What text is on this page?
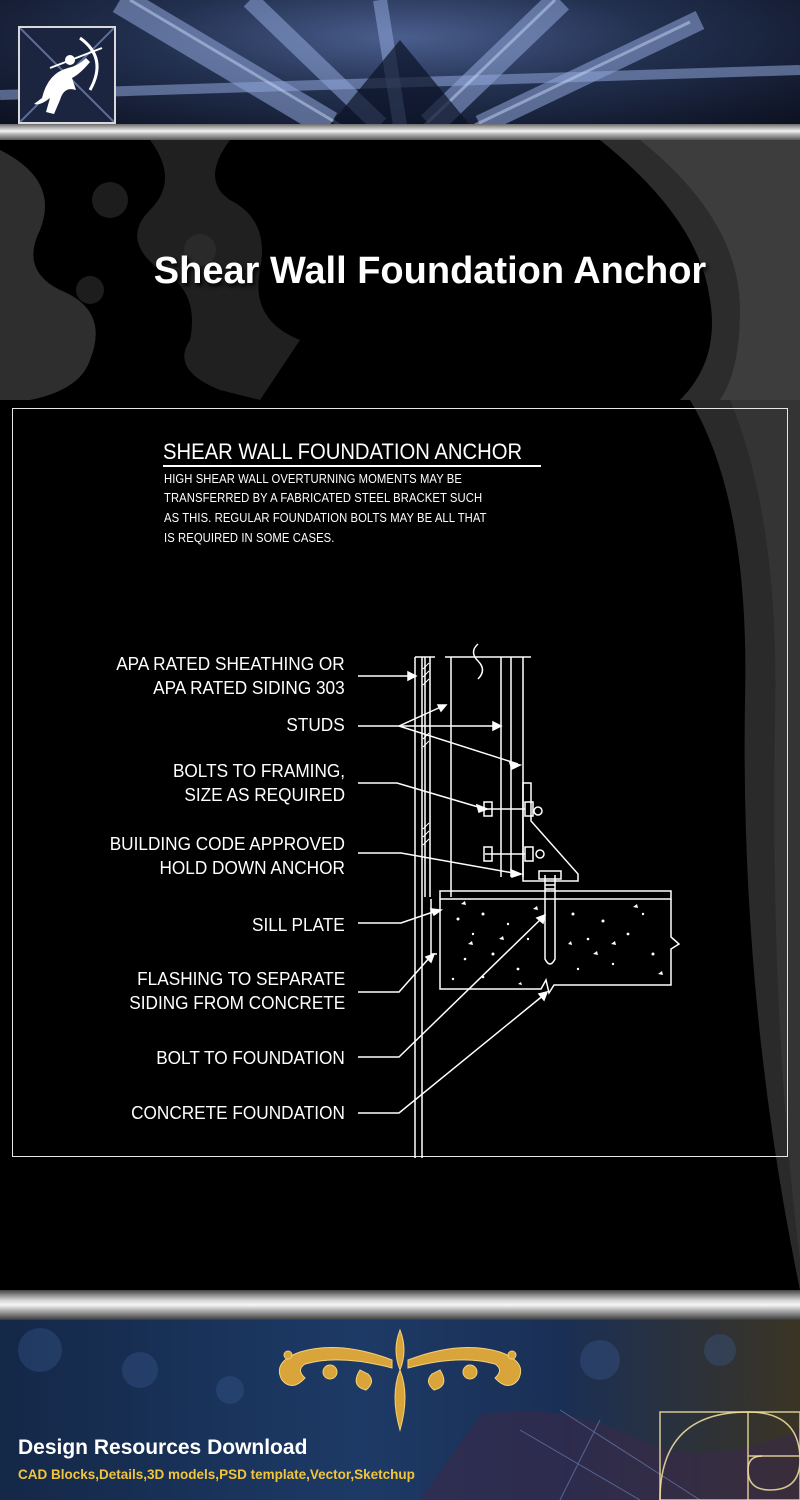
Shear Wall Foundation Anchor
SHEAR WALL FOUNDATION ANCHOR
HIGH SHEAR WALL OVERTURNING MOMENTS MAY BE
TRANSFERRED BY A FABRICATED STEEL BRACKET SUCH
AS THIS. REGULAR FOUNDATION BOLTS MAY BE ALL THAT
IS REQUIRED IN SOME CASES.
APA RATED SHEATHING OR
APA RATED SIDING 303
STUDS
BOLTS TO FRAMING,
SIZE AS REQUIRED
BUILDING CODE APPROVED
HOLD DOWN ANCHOR
SILL PLATE
FLASHING TO SEPARATE
SIDING FROM CONCRETE
BOLT TO FOUNDATION
CONCRETE FOUNDATION
Design Resources Download
CAD Blocks,Details,3D models,PSD template,Vector,Sketchup
